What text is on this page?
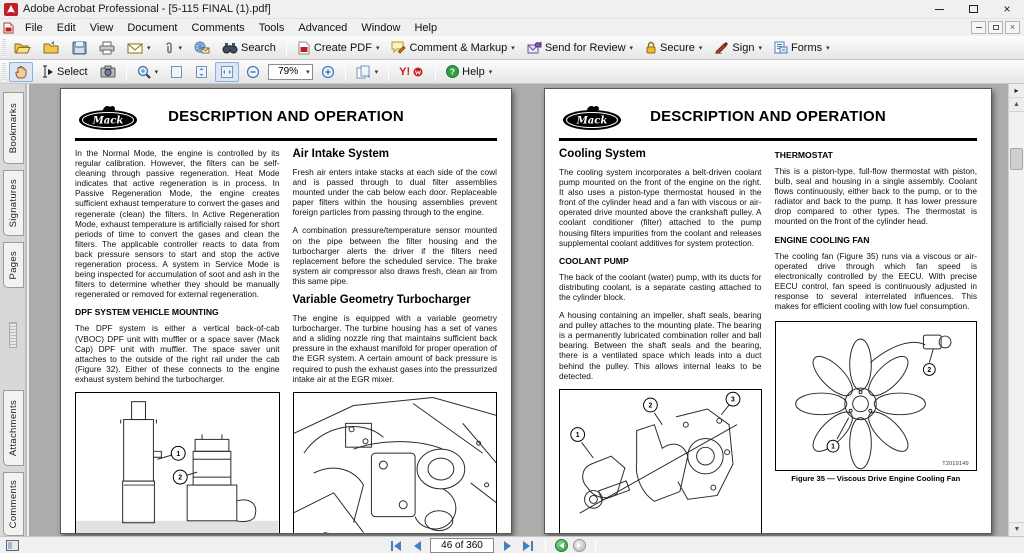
Adobe Acrobat Professional - [5-115 FINAL (1).pdf]	×
File	Edit	View	Document	Comments	Tools	Advanced	Window	Help	×
▾	▾	Search	Create PDF ▾	Comment & Markup ▾	Send for Review ▾ Secure ▾	Sign ▾	Forms ▾
Select	▾	79%	▾	▾ Y!	? Help ▾
Bookmarks
Signatures
Pages
Attachments
Comments
Mack	DESCRIPTION AND OPERATION

In the Normal Mode, the engine is controlled by its regular calibration. However, the filters can be self-cleaning through passive regeneration. Heat Mode indicates that active regeneration is in process. In Passive Regeneration Mode, the engine creates sufficient exhaust temperature to convert the gases and regenerate (clean) the filters. In Active Regeneration Mode, exhaust temperature is artificially raised for short periods of time to convert the gases and clean the filters. The applicable controller reacts to data from back pressure sensors to start and stop the active regeneration process. A system in Service Mode is being inspected for accumulation of soot and ash in the filters to determine whether they should be manually regenerated or removed for external regeneration.

DPF SYSTEM VEHICLE MOUNTING

The DPF system is either a vertical back-of-cab (VBOC) DPF unit with muffler or a space saver (Mack Cap) DPF unit with muffler. The space saver unit attaches to the outside of the right rail under the cab (Figure 32). Either of these connects to the engine exhaust system behind the turbocharger.

1
2
Air Intake System

Fresh air enters intake stacks at each side of the cowl and is passed through to dual filter assemblies mounted under the cab below each door. Replaceable paper filters within the housing assemblies prevent foreign particles from passing through to the engine.

A combination pressure/temperature sensor mounted on the pipe between the filter housing and the turbocharger alerts the driver if the filters need replacement before the scheduled service. The brake system air compressor also draws fresh, clean air from this same pipe.

Variable Geometry Turbocharger

The engine is equipped with a variable geometry turbocharger. The turbine housing has a set of vanes and a sliding nozzle ring that maintains sufficient back pressure in the exhaust manifold for proper operation of the EGR system. A certain amount of back pressure is required to push the exhaust gases into the pressurized intake air at the EGR mixer.

Mack	DESCRIPTION AND OPERATION
Cooling System

The cooling system incorporates a belt-driven coolant pump mounted on the front of the engine on the right. It also uses a piston-type thermostat housed in the front of the cylinder head and a fan with viscous or air-operated drive mounted above the crankshaft pulley. A coolant conditioner (filter) attached to the pump housing filters impurities from the coolant and releases supplemental coolant additives for system protection.

COOLANT PUMP

The back of the coolant (water) pump, with its ducts for distributing coolant, is a separate casting attached to the cylinder block.

A housing containing an impeller, shaft seals, bearing and pulley attaches to the mounting plate. The bearing is a permanently lubricated combination roller and ball bearing. Between the shaft seals and the bearing, there is a ventilated space which leads into a duct behind the pulley. This allows internal leaks to be detected.

1
2
3
THERMOSTAT

This is a piston-type, full-flow thermostat with piston, bulb, seal and housing in a single assembly. Coolant flows continuously, either back to the pump, or to the radiator and back to the pump. It has lower pressure drop compared to other types. The thermostat is mounted on the front of the cylinder head.

ENGINE COOLING FAN

The cooling fan (Figure 35) runs via a viscous or air-operated drive through which fan speed is electronically controlled by the EECU. With precise EECU control, fan speed is continuously adjusted in response to several interrelated influences. This makes for efficient cooling with low fuel consumption.

2
1
T2019149
Figure 35 — Viscous Drive Engine Cooling Fan
▸
▲
▼
46 of 360
